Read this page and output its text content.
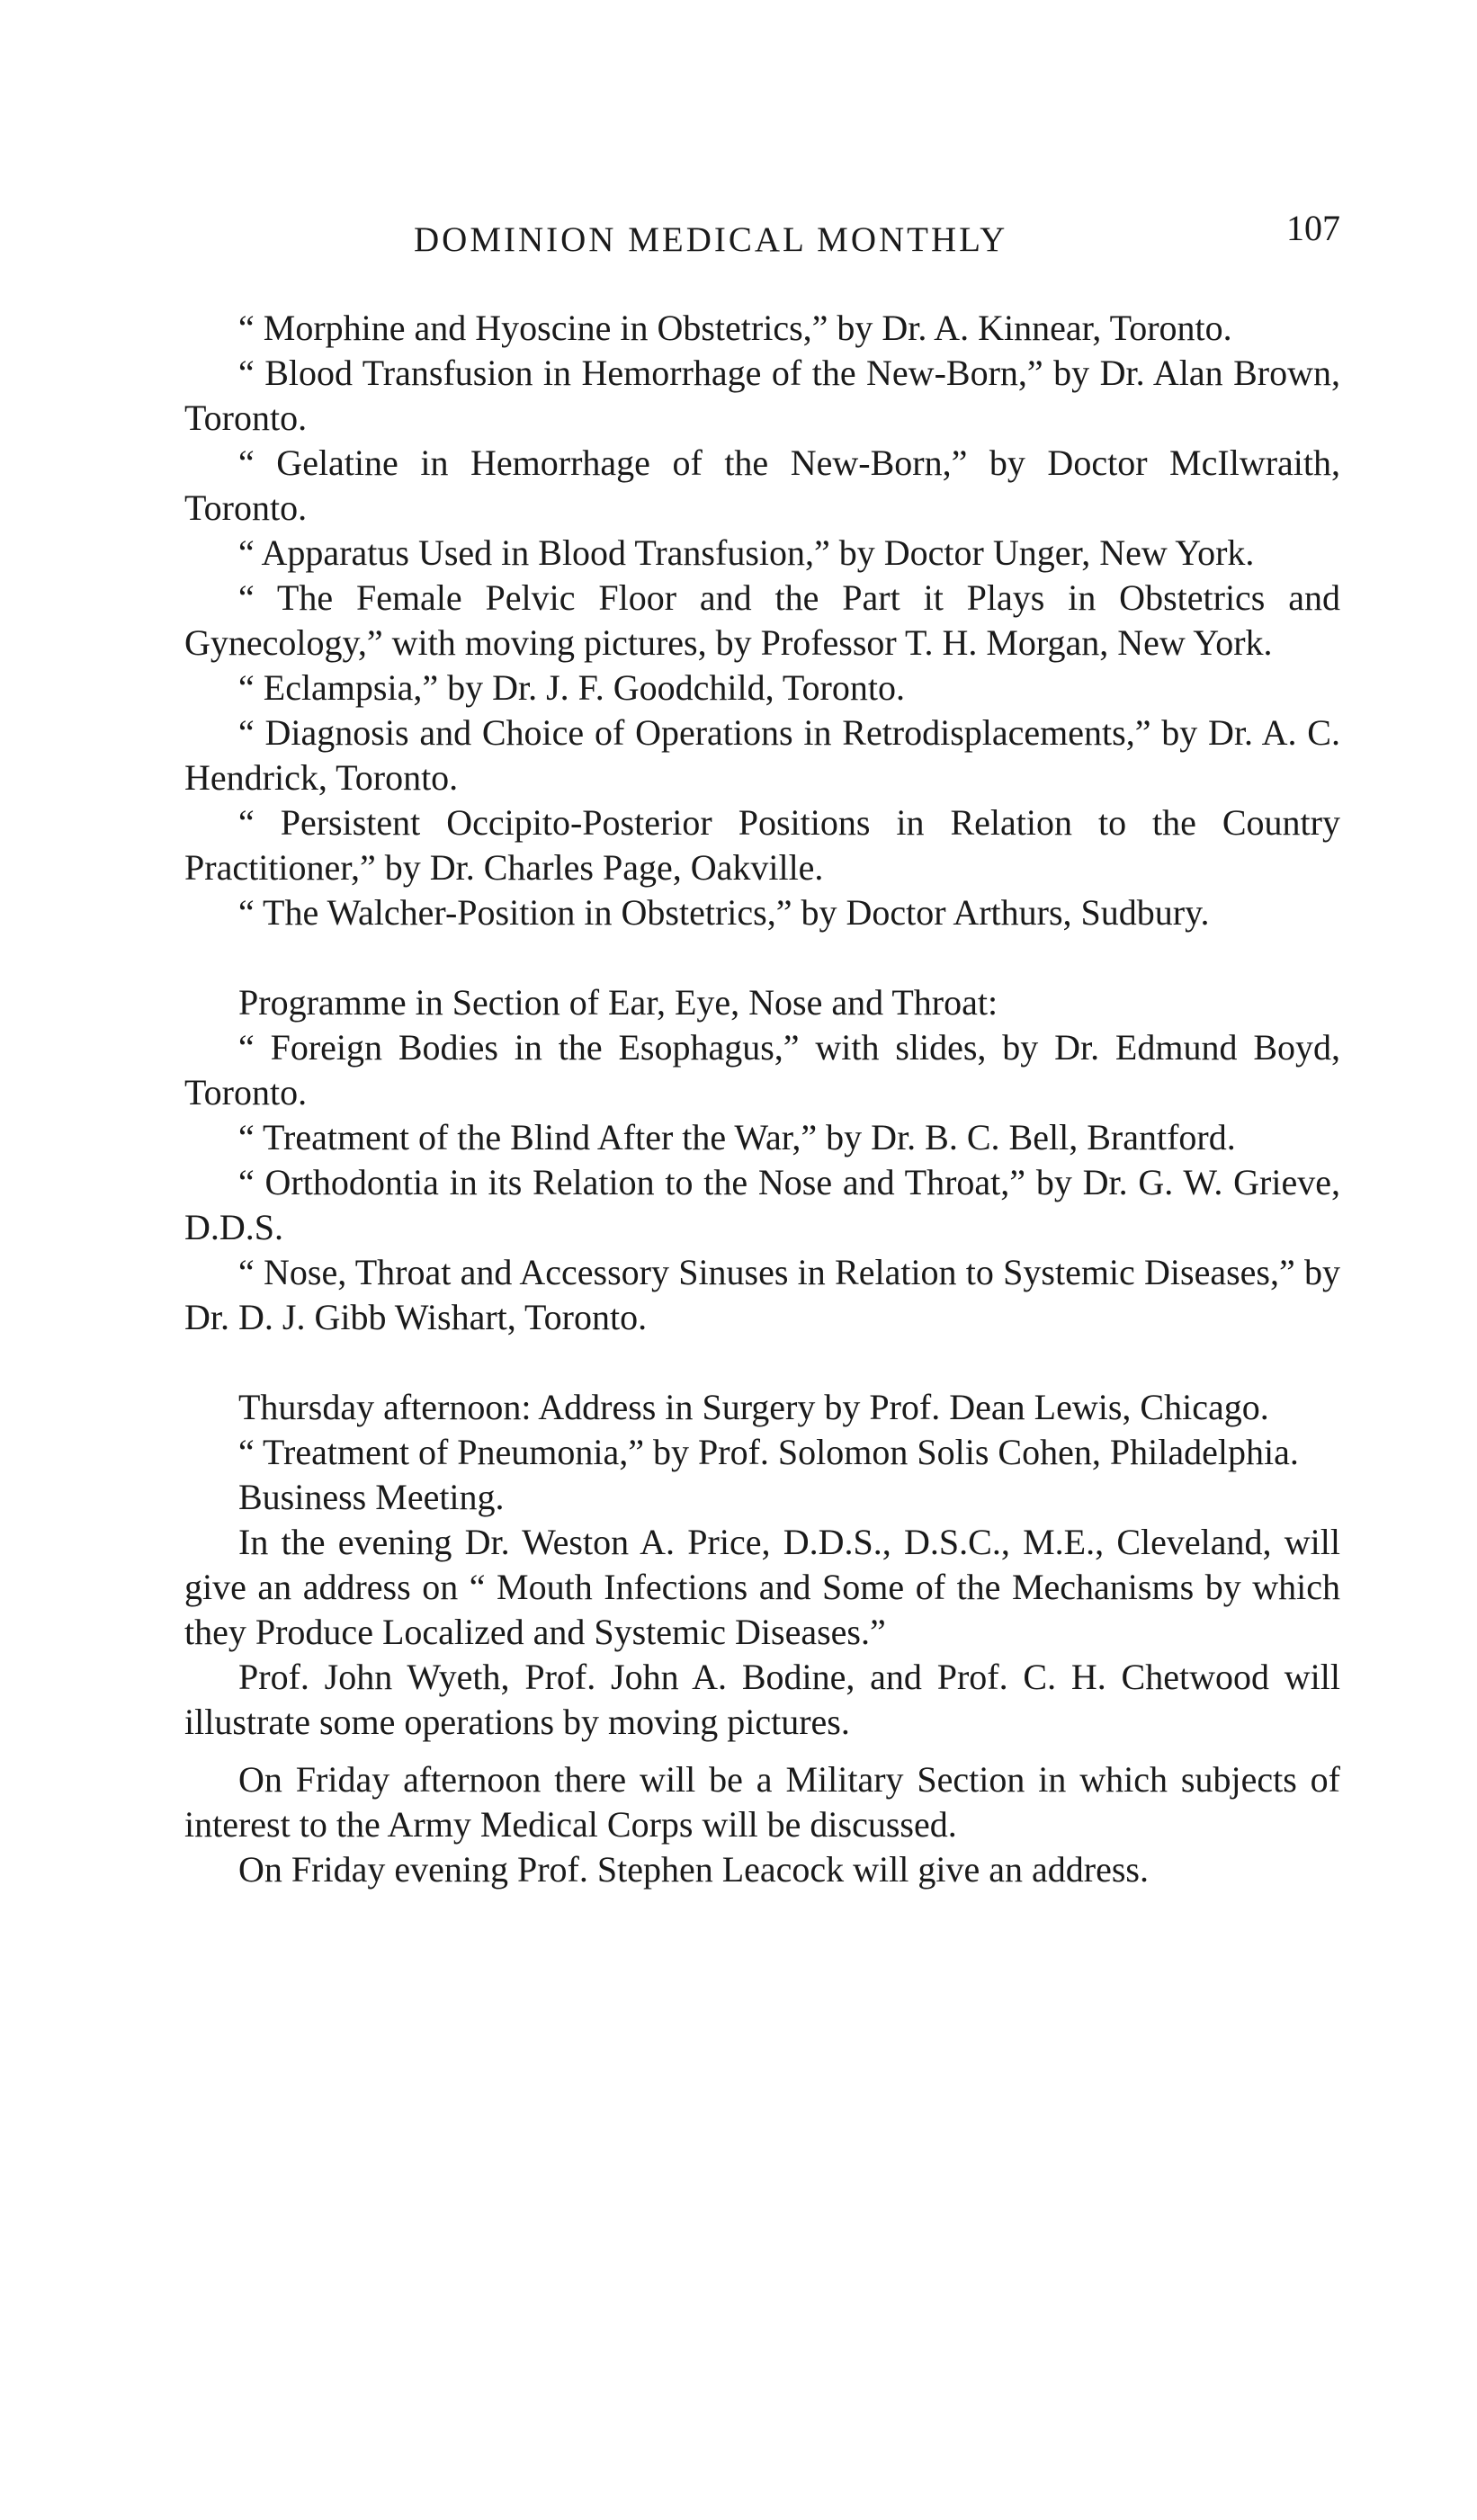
DOMINION MEDICAL MONTHLY	107

“ Morphine and Hyoscine in Obstetrics,” by Dr. A. Kinnear, Toronto.

“ Blood Transfusion in Hemorrhage of the New-Born,” by Dr. Alan Brown, Toronto.

“ Gelatine in Hemorrhage of the New-Born,” by Doctor McIlwraith, Toronto.

“ Apparatus Used in Blood Transfusion,” by Doctor Unger, New York.

“ The Female Pelvic Floor and the Part it Plays in Obstetrics and Gynecology,” with moving pictures, by Professor T. H. Morgan, New York.

“ Eclampsia,” by Dr. J. F. Goodchild, Toronto.

“ Diagnosis and Choice of Operations in Retrodisplacements,” by Dr. A. C. Hendrick, Toronto.

“ Persistent Occipito-Posterior Positions in Relation to the Country Practitioner,” by Dr. Charles Page, Oakville.

“ The Walcher-Position in Obstetrics,” by Doctor Arthurs, Sudbury.

Programme in Section of Ear, Eye, Nose and Throat:

“ Foreign Bodies in the Esophagus,” with slides, by Dr. Edmund Boyd, Toronto.

“ Treatment of the Blind After the War,” by Dr. B. C. Bell, Brantford.

“ Orthodontia in its Relation to the Nose and Throat,” by Dr. G. W. Grieve, D.D.S.

“ Nose, Throat and Accessory Sinuses in Relation to Systemic Diseases,” by Dr. D. J. Gibb Wishart, Toronto.

Thursday afternoon: Address in Surgery by Prof. Dean Lewis, Chicago.

“ Treatment of Pneumonia,” by Prof. Solomon Solis Cohen, Philadelphia.

Business Meeting.

In the evening Dr. Weston A. Price, D.D.S., D.S.C., M.E., Cleveland, will give an address on “ Mouth Infections and Some of the Mechanisms by which they Produce Localized and Systemic Diseases.”

Prof. John Wyeth, Prof. John A. Bodine, and Prof. C. H. Chetwood will illustrate some operations by moving pictures.

On Friday afternoon there will be a Military Section in which subjects of interest to the Army Medical Corps will be discussed.

On Friday evening Prof. Stephen Leacock will give an address.
